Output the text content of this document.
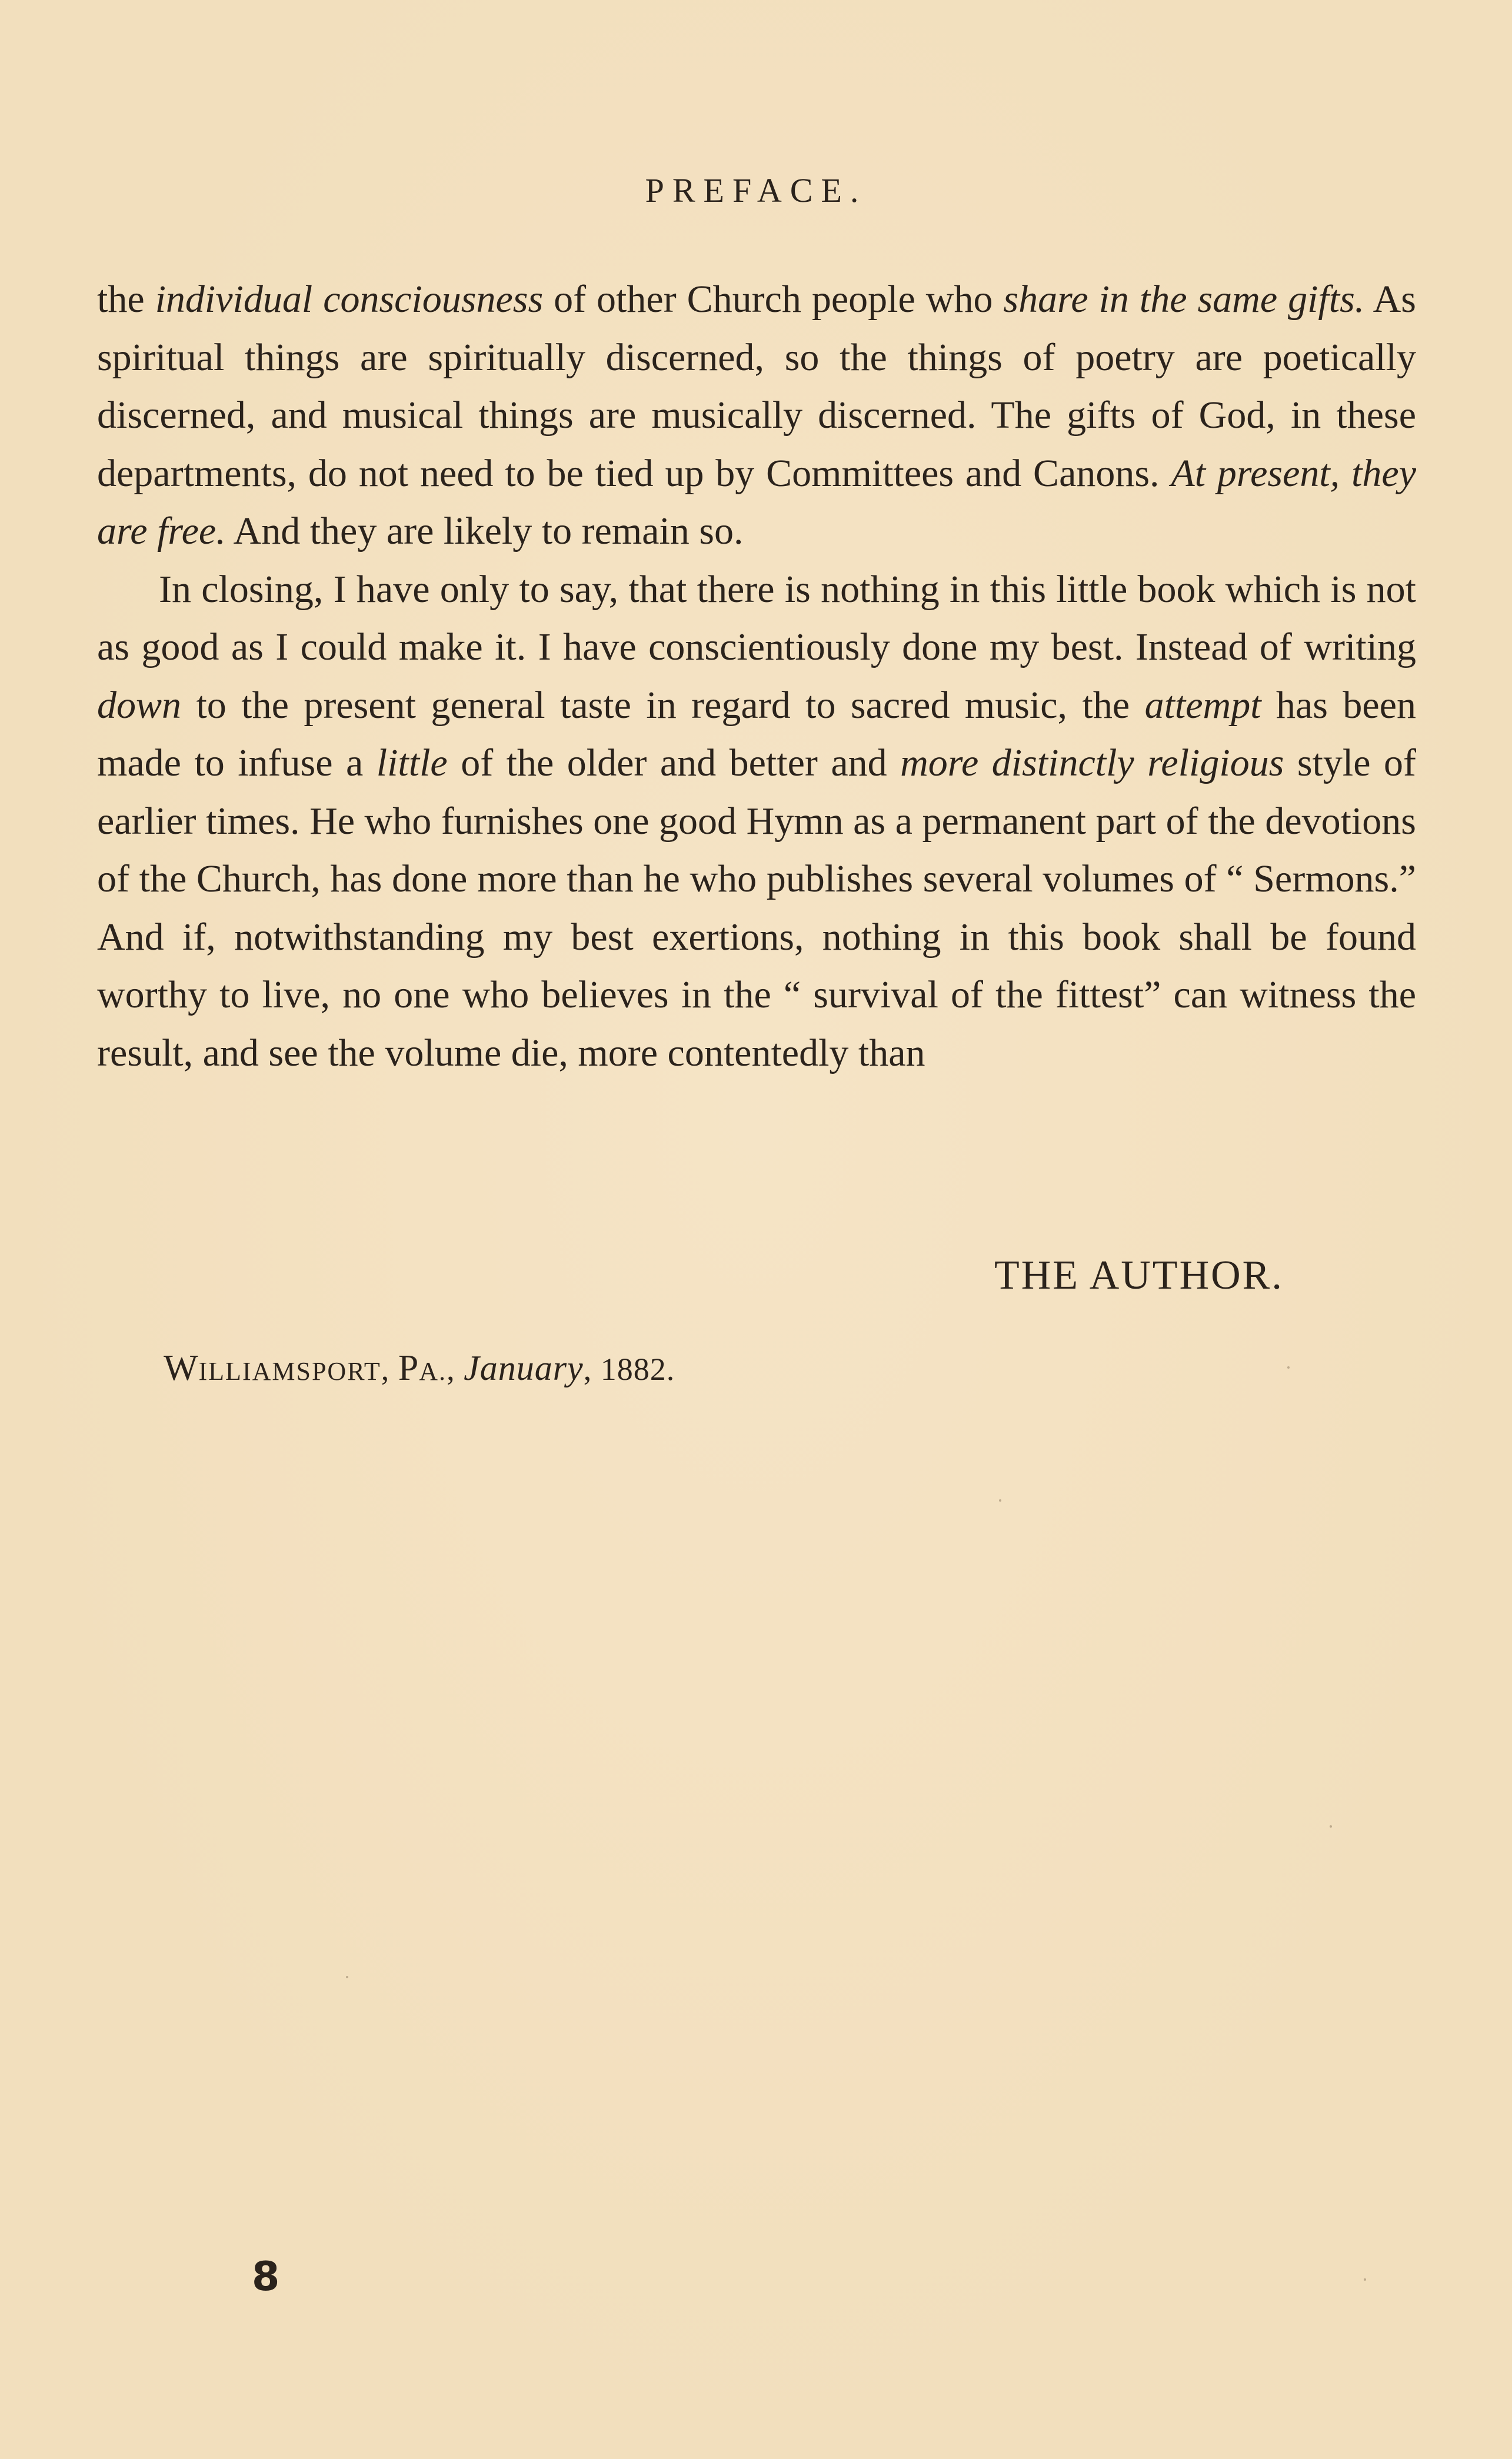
PREFACE.

the individual consciousness of other Church people who share in the same gifts. As spiritual things are spiritually discerned, so the things of poetry are poetically discerned, and musical things are musically discerned. The gifts of God, in these departments, do not need to be tied up by Committees and Canons. At present, they are free. And they are likely to remain so.

In closing, I have only to say, that there is nothing in this little book which is not as good as I could make it. I have conscientiously done my best. Instead of writing down to the present general taste in regard to sacred music, the attempt has been made to infuse a little of the older and better and more distinctly religious style of earlier times. He who furnishes one good Hymn as a permanent part of the devotions of the Church, has done more than he who publishes several volumes of “ Sermons.” And if, notwithstanding my best exertions, nothing in this book shall be found worthy to live, no one who believes in the “ survival of the fittest” can witness the result, and see the volume die, more contentedly than

THE AUTHOR.
WILLIAMSPORT, PA., January, 1882.
8
